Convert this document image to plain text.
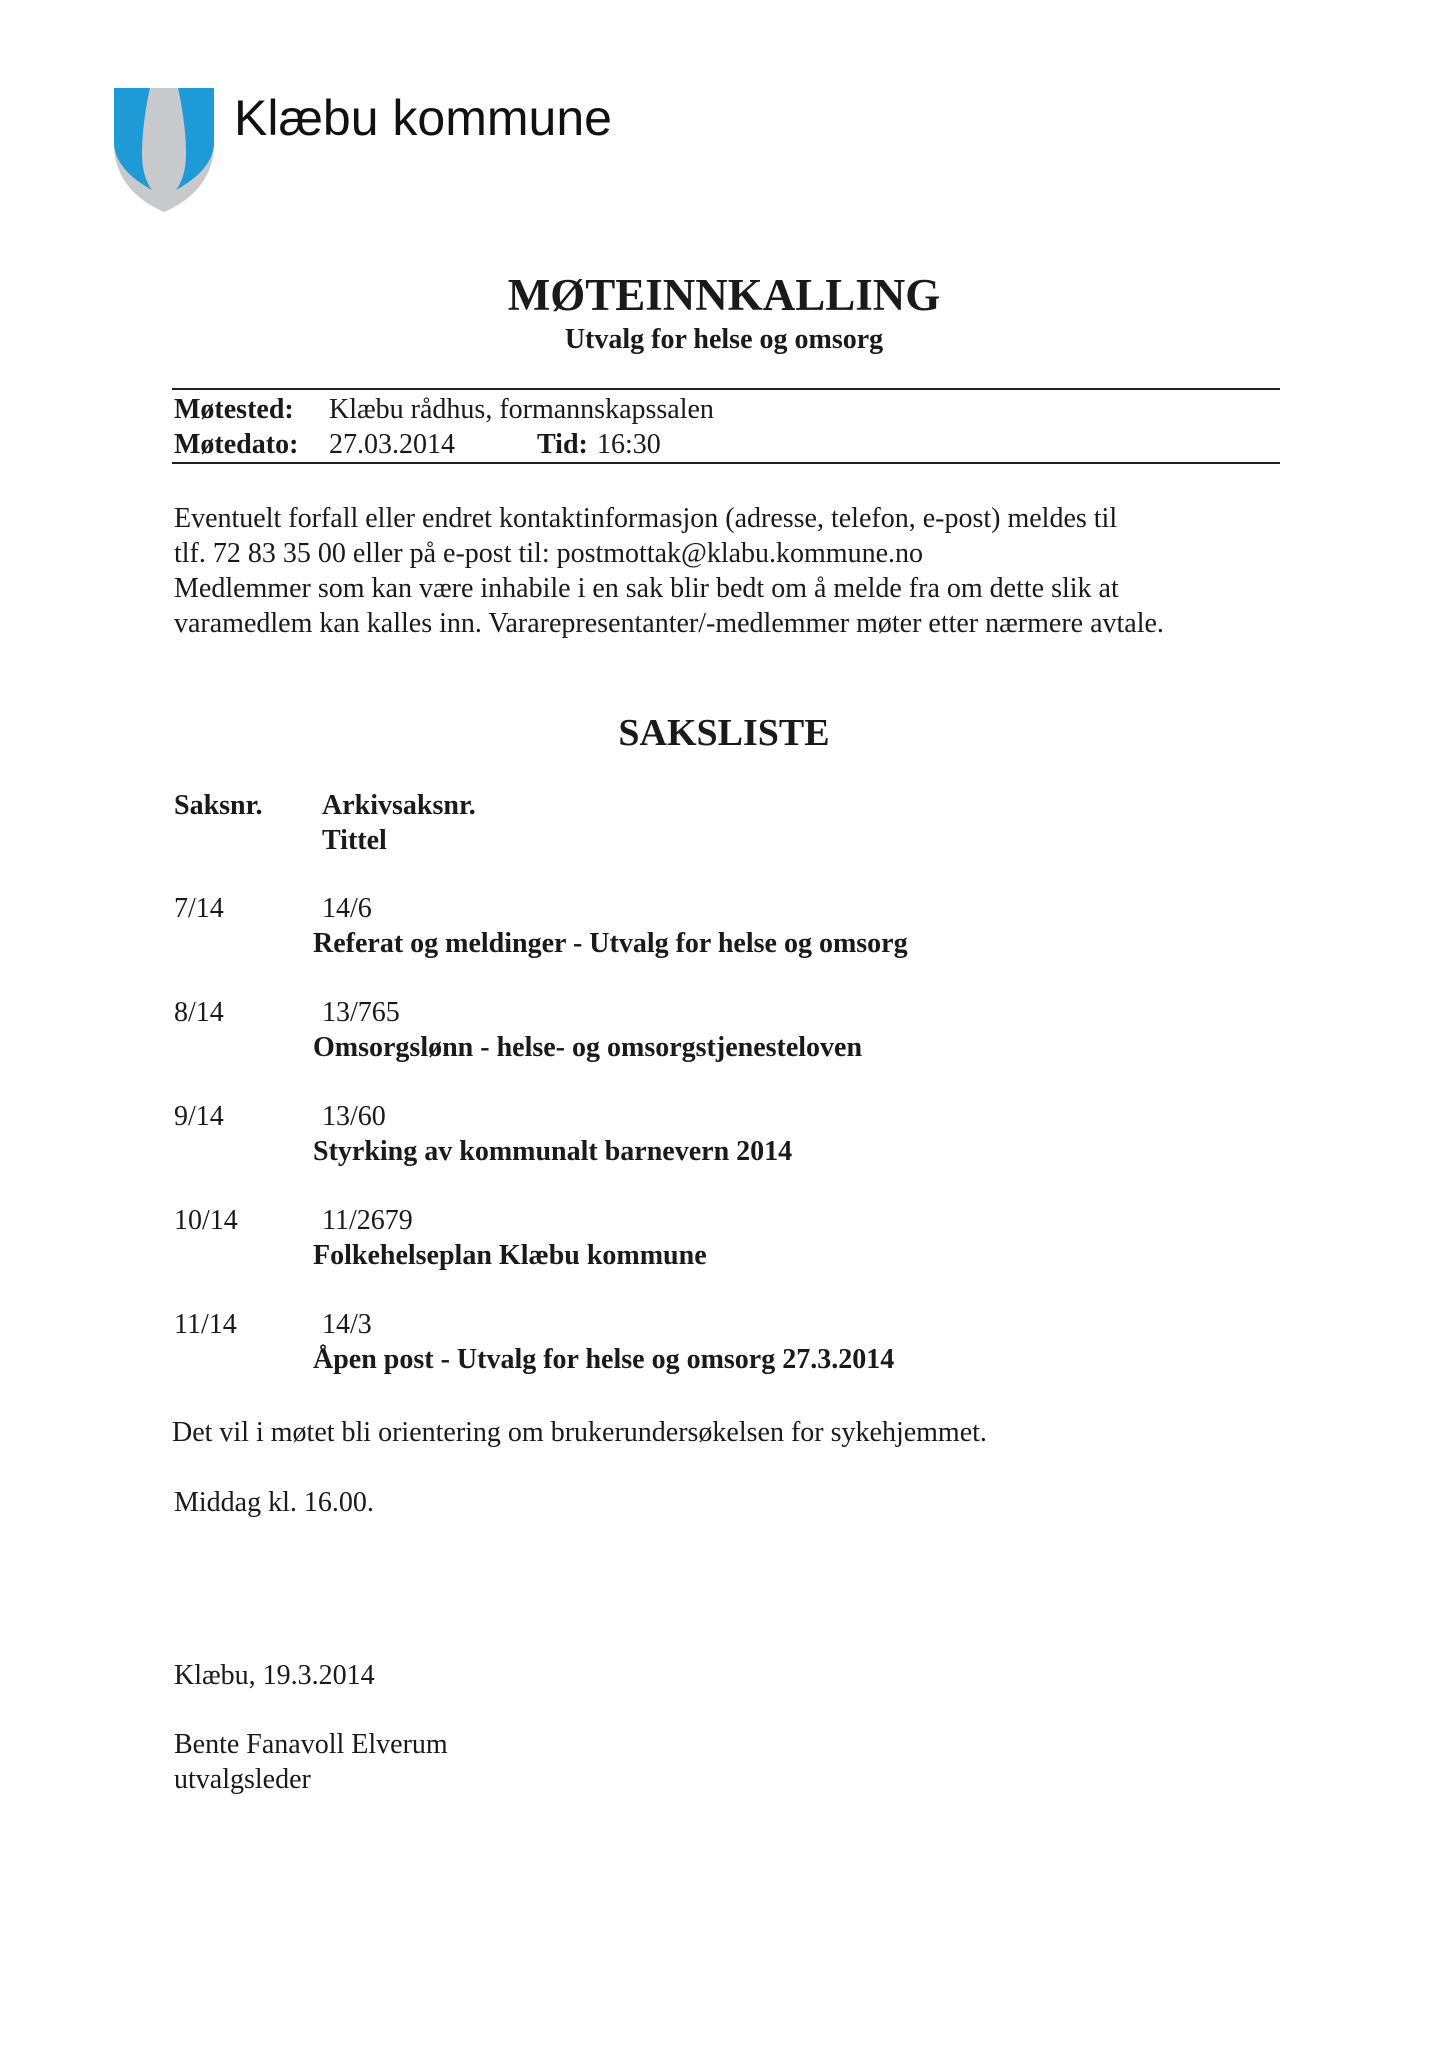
Klæbu kommune
MØTEINNKALLING
Utvalg for helse og omsorg
Møtested: Klæbu rådhus, formannskapssalen
Møtedato: 27.03.2014	Tid: 16:30
Eventuelt forfall eller endret kontaktinformasjon (adresse, telefon, e-post) meldes til
tlf. 72 83 35 00 eller på e-post til: postmottak@klabu.kommune.no
Medlemmer som kan være inhabile i en sak blir bedt om å melde fra om dette slik at
varamedlem kan kalles inn. Vararepresentanter/-medlemmer møter etter nærmere avtale.
SAKSLISTE
Saksnr. Arkivsaksnr.
Tittel
7/14	14/6
Referat og meldinger - Utvalg for helse og omsorg
8/14	13/765
Omsorgslønn - helse- og omsorgstjenesteloven
9/14	13/60
Styrking av kommunalt barnevern 2014
10/14	11/2679
Folkehelseplan Klæbu kommune
11/14	14/3
Åpen post - Utvalg for helse og omsorg 27.3.2014
Det vil i møtet bli orientering om brukerundersøkelsen for sykehjemmet.
Middag kl. 16.00.
Klæbu, 19.3.2014
Bente Fanavoll Elverum
utvalgsleder
